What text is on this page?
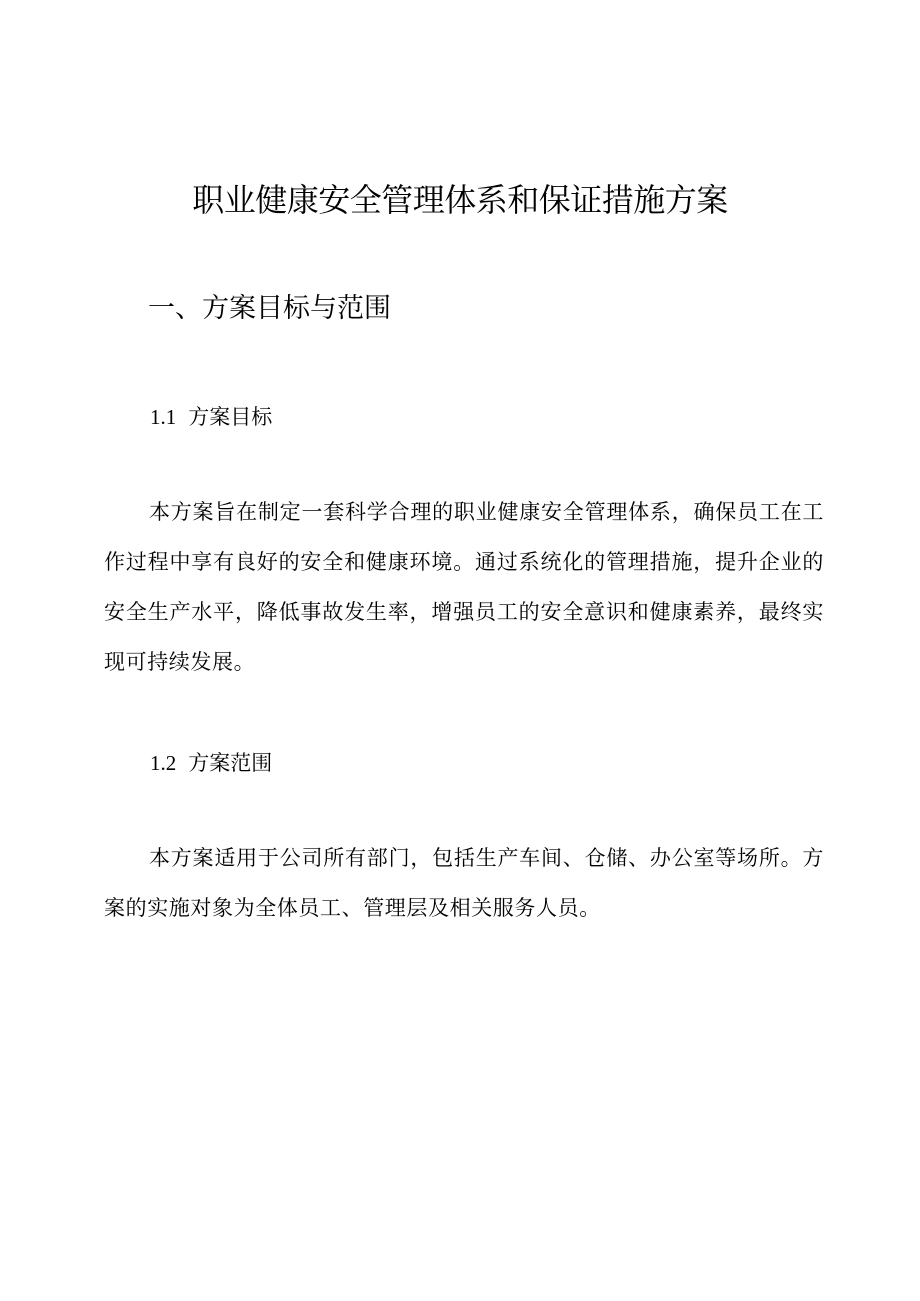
职业健康安全管理体系和保证措施方案
一、方案目标与范围
1.1 方案目标

本方案旨在制定一套科学合理的职业健康安全管理体系，确保员工在工作过程中享有良好的安全和健康环境。通过系统化的管理措施，提升企业的安全生产水平，降低事故发生率，增强员工的安全意识和健康素养，最终实现可持续发展。

1.2 方案范围

本方案适用于公司所有部门，包括生产车间、仓储、办公室等场所。方案的实施对象为全体员工、管理层及相关服务人员。
